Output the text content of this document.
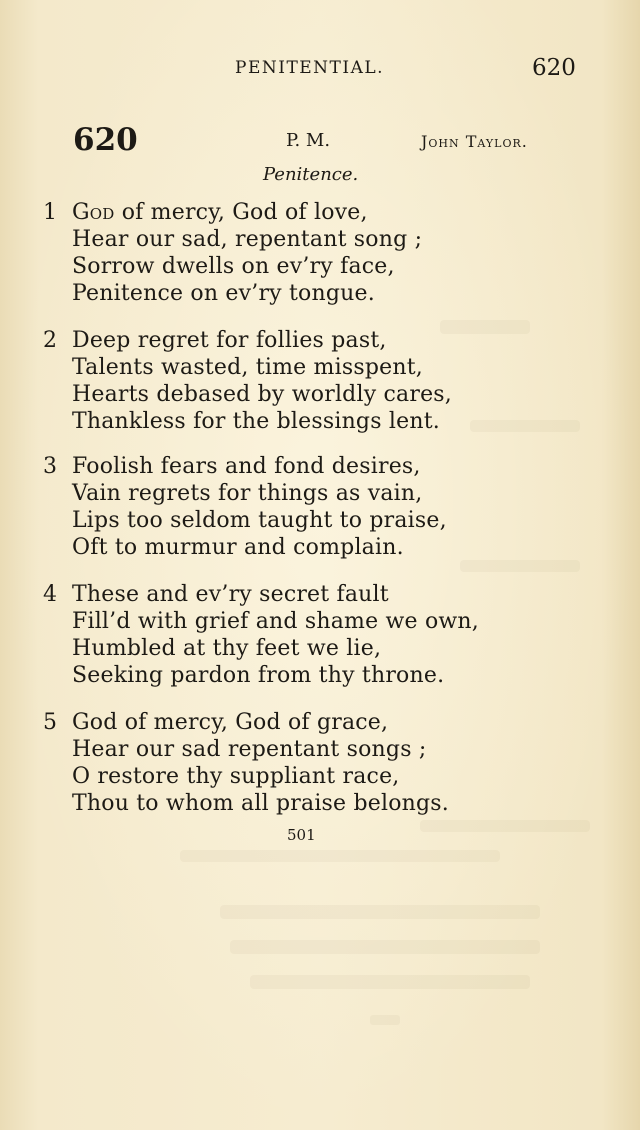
PENITENTIAL.	620
620	P. M.	John Taylor.
Penitence.
1 God of mercy, God of love,
Hear our sad, repentant song ;
Sorrow dwells on ev’ry face,
Penitence on ev’ry tongue.
2 Deep regret for follies past,
Talents wasted, time misspent,
Hearts debased by worldly cares,
Thankless for the blessings lent.
3 Foolish fears and fond desires,
Vain regrets for things as vain,
Lips too seldom taught to praise,
Oft to murmur and complain.
4 These and ev’ry secret fault
Fill’d with grief and shame we own,
Humbled at thy feet we lie,
Seeking pardon from thy throne.
5 God of mercy, God of grace,
Hear our sad repentant songs ;
O restore thy suppliant race,
Thou to whom all praise belongs.
501
